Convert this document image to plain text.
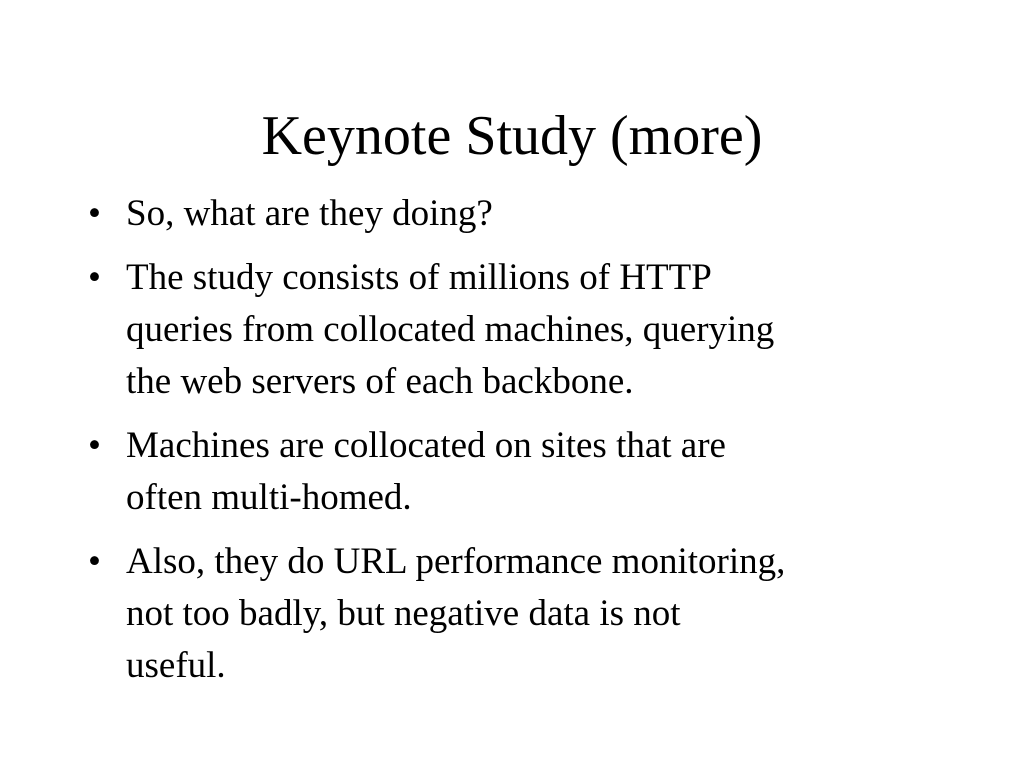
Keynote Study (more)
• So, what are they doing?
• The study consists of millions of HTTP
queries from collocated machines, querying
the web servers of each backbone.
• Machines are collocated on sites that are
often multi-homed.
• Also, they do URL performance monitoring,
not too badly, but negative data is not
useful.
